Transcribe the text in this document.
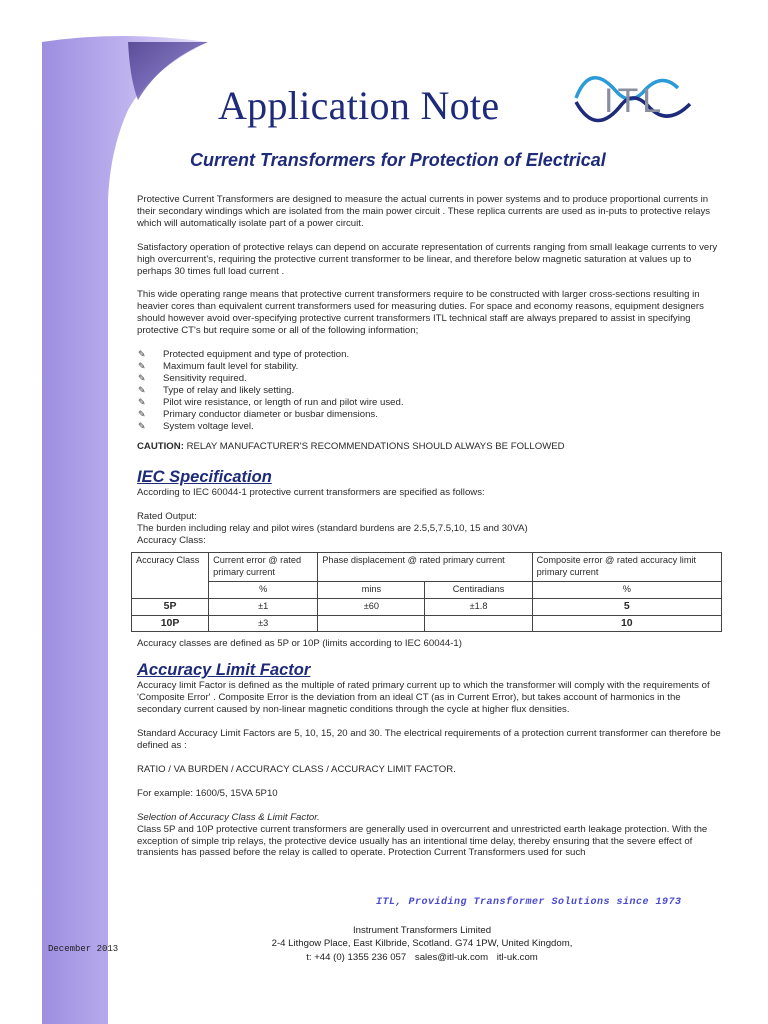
Application Note	ITL
Current Transformers for Protection of Electrical

Protective Current Transformers are designed to measure the actual currents in power systems and to produce proportional currents in their secondary windings which are isolated from the main power circuit . These replica currents are used as in-puts to protective relays which will automatically isolate part of a power circuit.

Satisfactory operation of protective relays can depend on accurate representation of currents ranging from small leakage currents to very high overcurrent's, requiring the protective current transformer to be linear, and therefore below magnetic saturation at values up to perhaps 30 times full load current .

This wide operating range means that protective current transformers require to be constructed with larger cross-sections resulting in heavier cores than equivalent current transformers used for measuring duties. For space and economy reasons, equipment designers should however avoid over-specifying protective current transformers ITL technical staff are always prepared to assist in specifying protective CT's but require some or all of the following information;

✎ Protected equipment and type of protection.
✎ Maximum fault level for stability.
✎ Sensitivity required.
✎ Type of relay and likely setting.
✎ Pilot wire resistance, or length of run and pilot wire used.
✎ Primary conductor diameter or busbar dimensions.
✎ System voltage level.

CAUTION: RELAY MANUFACTURER'S RECOMMENDATIONS SHOULD ALWAYS BE FOLLOWED

IEC Specification

According to IEC 60044-1 protective current transformers are specified as follows:

Rated Output:
The burden including relay and pilot wires (standard burdens are 2.5,5,7.5,10, 15 and 30VA)
Accuracy Class:
Accuracy Class	Current error @ rated primary current	Phase displacement @ rated primary current		Composite error @ rated accuracy limit primary current
	%	mins	Centiradians	%
5P	±1	±60	±1.8	5
10P	±3			10

Accuracy classes are defined as 5P or 10P (limits according to IEC 60044-1)

Accuracy Limit Factor

Accuracy limit Factor is defined as the multiple of rated primary current up to which the transformer will comply with the requirements of 'Composite Error' . Composite Error is the deviation from an ideal CT (as in Current Error), but takes account of harmonics in the secondary current caused by non-linear magnetic conditions through the cycle at higher flux densities.

Standard Accuracy Limit Factors are 5, 10, 15, 20 and 30. The electrical requirements of a protection current transformer can therefore be defined as :

RATIO / VA BURDEN / ACCURACY CLASS / ACCURACY LIMIT FACTOR.

For example: 1600/5, 15VA 5P10

Selection of Accuracy Class & Limit Factor.

Class 5P and 10P protective current transformers are generally used in overcurrent and unrestricted earth leakage protection. With the exception of simple trip relays, the protective device usually has an intentional time delay, thereby ensuring that the severe effect of transients has passed before the relay is called to operate. Protection Current Transformers used for such

ITL, Providing Transformer Solutions since 1973
Instrument Transformers Limited
2-4 Lithgow Place, East Kilbride, Scotland. G74 1PW, United Kingdom,
t: +44 (0) 1355 236 057 sales@itl-uk.com itl-uk.com
December 2013
